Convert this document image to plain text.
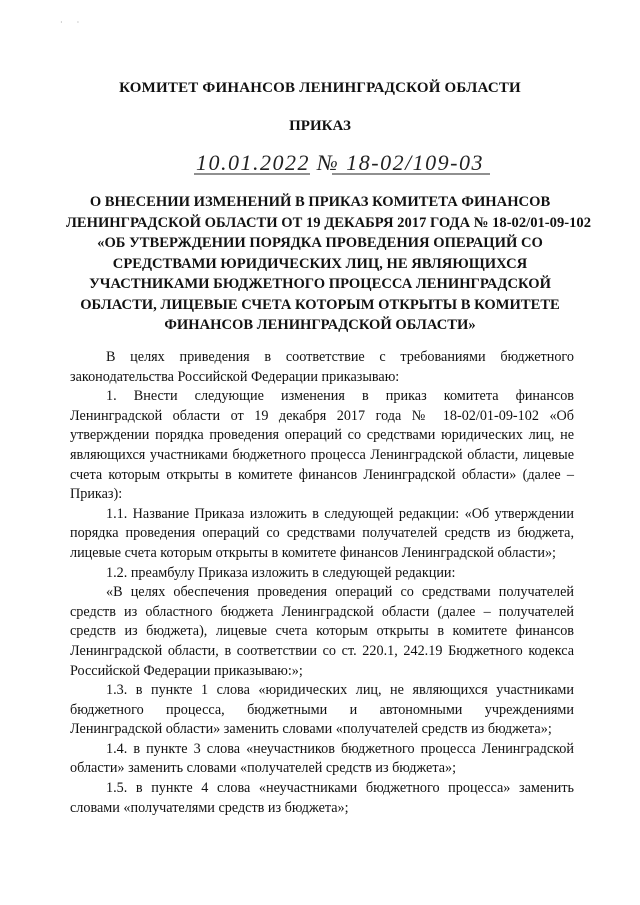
· ·
КОМИТЕТ ФИНАНСОВ ЛЕНИНГРАДСКОЙ ОБЛАСТИ
ПРИКАЗ
10.01.2022 № 18-02/109-03
О ВНЕСЕНИИ ИЗМЕНЕНИЙ В ПРИКАЗ КОМИТЕТА ФИНАНСОВ
ЛЕНИНГРАДСКОЙ ОБЛАСТИ ОТ 19 ДЕКАБРЯ 2017 ГОДА № 18-02/01-09-102
«ОБ УТВЕРЖДЕНИИ ПОРЯДКА ПРОВЕДЕНИЯ ОПЕРАЦИЙ СО
СРЕДСТВАМИ ЮРИДИЧЕСКИХ ЛИЦ, НЕ ЯВЛЯЮЩИХСЯ
УЧАСТНИКАМИ БЮДЖЕТНОГО ПРОЦЕССА ЛЕНИНГРАДСКОЙ
ОБЛАСТИ, ЛИЦЕВЫЕ СЧЕТА КОТОРЫМ ОТКРЫТЫ В КОМИТЕТЕ
ФИНАНСОВ ЛЕНИНГРАДСКОЙ ОБЛАСТИ»

В целях приведения в соответствие с требованиями бюджетного законодательства Российской Федерации приказываю:

1. Внести следующие изменения в приказ комитета финансов Ленинградской области от 19 декабря 2017 года № 18-02/01-09-102 «Об утверждении порядка проведения операций со средствами юридических лиц, не являющихся участниками бюджетного процесса Ленинградской области, лицевые счета которым открыты в комитете финансов Ленинградской области» (далее – Приказ):

1.1. Название Приказа изложить в следующей редакции: «Об утверждении порядка проведения операций со средствами получателей средств из бюджета, лицевые счета которым открыты в комитете финансов Ленинградской области»;

1.2. преамбулу Приказа изложить в следующей редакции:

«В целях обеспечения проведения операций со средствами получателей средств из областного бюджета Ленинградской области (далее – получателей средств из бюджета), лицевые счета которым открыты в комитете финансов Ленинградской области, в соответствии со ст. 220.1, 242.19 Бюджетного кодекса Российской Федерации приказываю:»;

1.3. в пункте 1 слова «юридических лиц, не являющихся участниками бюджетного процесса, бюджетными и автономными учреждениями Ленинградской области» заменить словами «получателей средств из бюджета»;

1.4. в пункте 3 слова «неучастников бюджетного процесса Ленинградской области» заменить словами «получателей средств из бюджета»;

1.5. в пункте 4 слова «неучастниками бюджетного процесса» заменить словами «получателями средств из бюджета»;
